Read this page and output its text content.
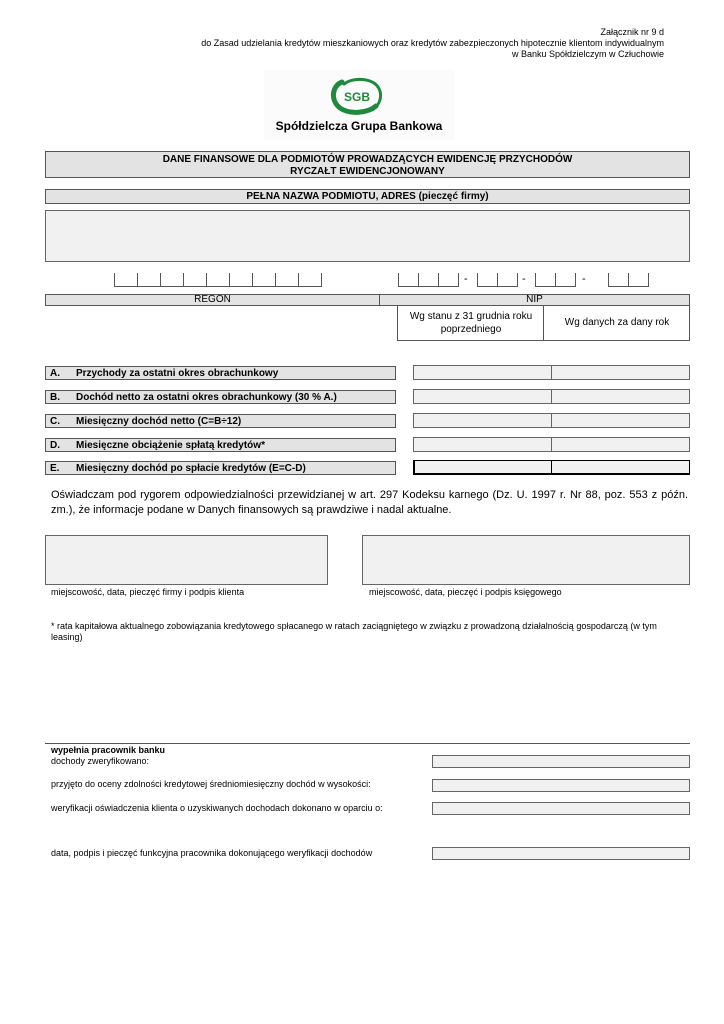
Załącznik nr 9 d
do Zasad udzielania kredytów mieszkaniowych oraz kredytów zabezpieczonych hipotecznie klientom indywidualnym
w Banku Spółdzielczym w Człuchowie
SGB
Spółdzielcza Grupa Bankowa
DANE FINANSOWE DLA PODMIOTÓW PROWADZĄCYCH EWIDENCJĘ PRZYCHODÓW
RYCZAŁT EWIDENCJONOWANY
PEŁNA NAZWA PODMIOTU, ADRES (pieczęć firmy)
-	-	-
REGON	NIP
Wg stanu z 31 grudnia roku poprzedniego
Wg danych za dany rok
A.	Przychody za ostatni okres obrachunkowy
B.	Dochód netto za ostatni okres obrachunkowy (30 % A.)
C.	Miesięczny dochód netto (C=B÷12)
D.	Miesięczne obciążenie spłatą kredytów*
E.	Miesięczny dochód po spłacie kredytów (E=C-D)
Oświadczam pod rygorem odpowiedzialności przewidzianej w art. 297 Kodeksu karnego (Dz. U. 1997 r. Nr 88, poz. 553 z późn. zm.), że informacje podane w Danych finansowych są prawdziwe i nadal aktualne.
miejscowość, data, pieczęć firmy i podpis klienta	miejscowość, data, pieczęć i podpis księgowego
* rata kapitałowa aktualnego zobowiązania kredytowego spłacanego w ratach zaciągniętego w związku z prowadzoną działalnością gospodarczą (w tym leasing)
wypełnia pracownik banku
dochody zweryfikowano:
przyjęto do oceny zdolności kredytowej średniomiesięczny dochód w wysokości:
weryfikacji oświadczenia klienta o uzyskiwanych dochodach dokonano w oparciu o:
data, podpis i pieczęć funkcyjna pracownika dokonującego weryfikacji dochodów
